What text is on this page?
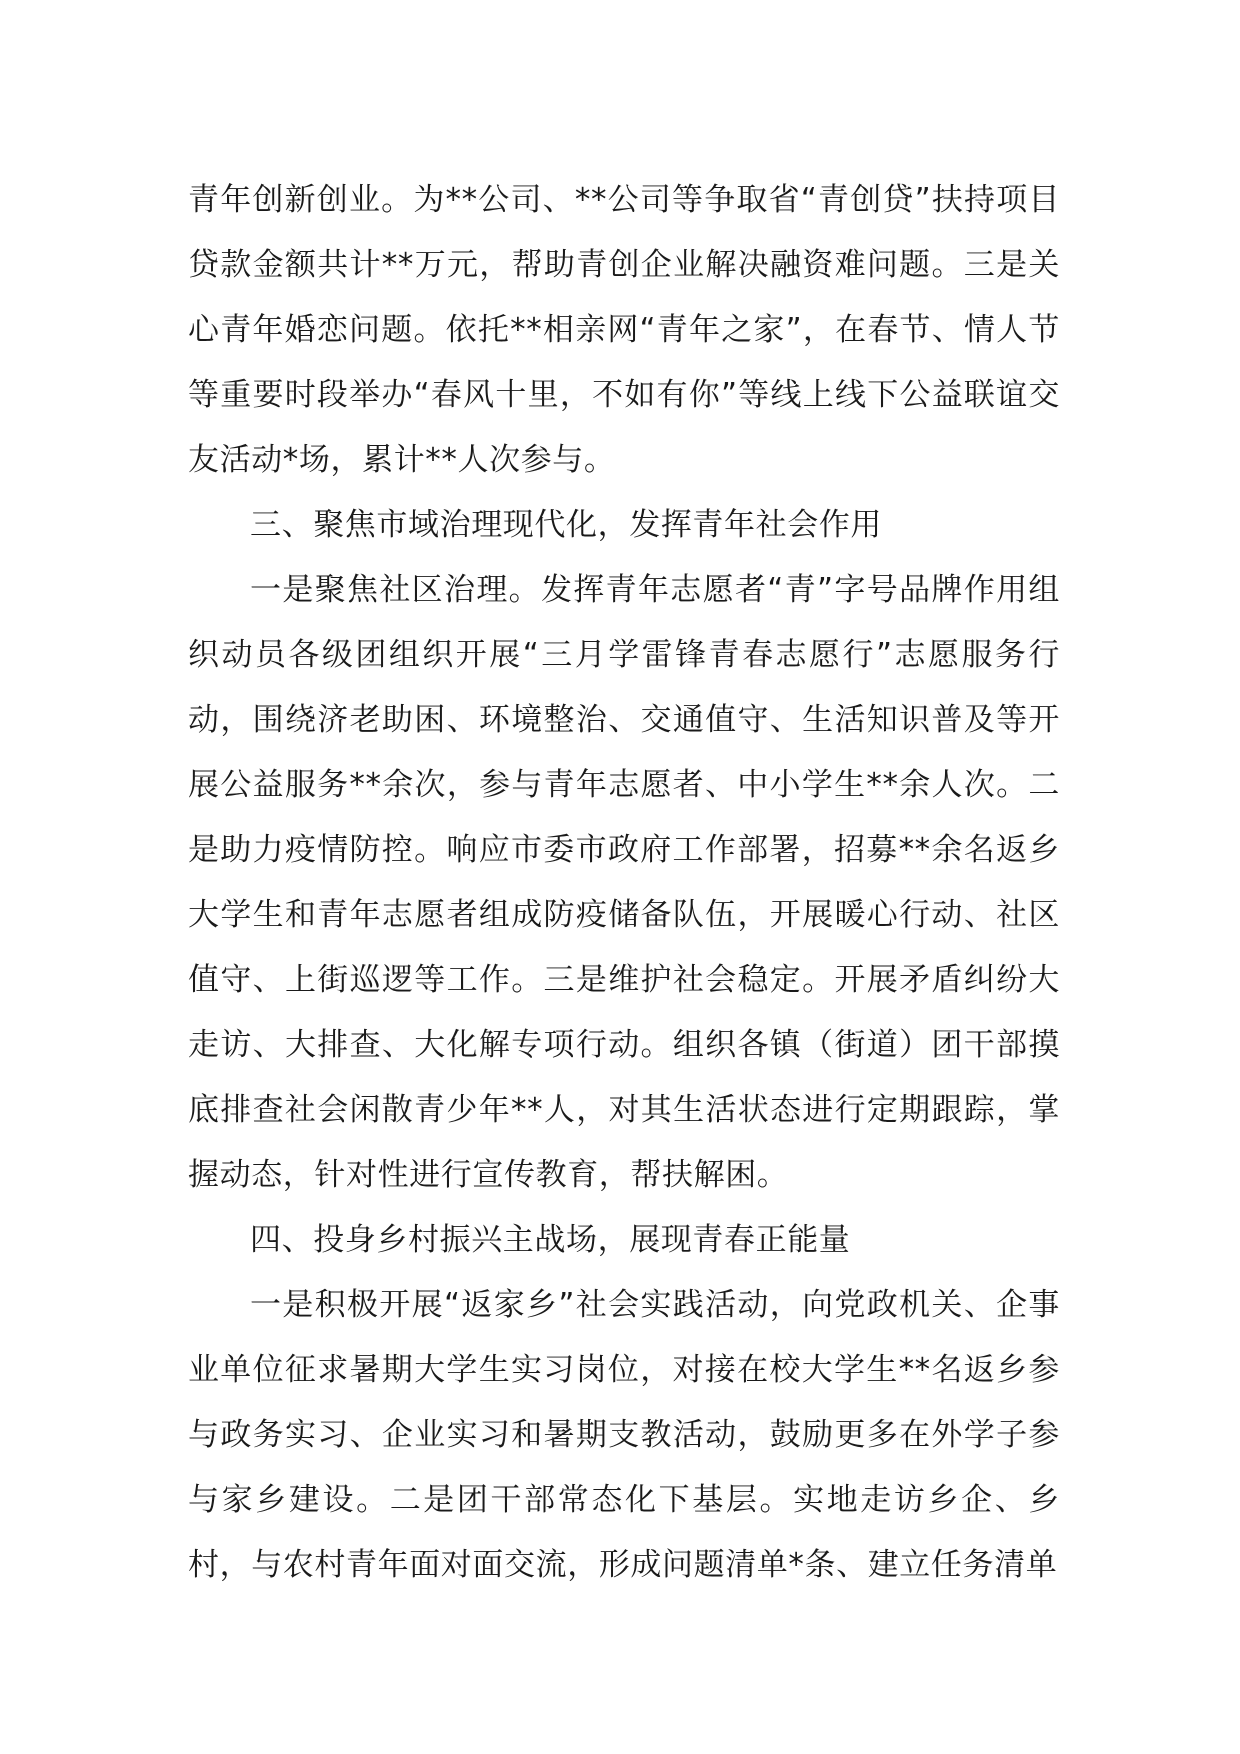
青年创新创业。为**公司、**公司等争取省“青创贷”扶持项目贷款金额共计**万元，帮助青创企业解决融资难问题。三是关心青年婚恋问题。依托**相亲网“青年之家”，在春节、情人节等重要时段举办“春风十里，不如有你”等线上线下公益联谊交友活动*场，累计**人次参与。

三、聚焦市域治理现代化，发挥青年社会作用

一是聚焦社区治理。发挥青年志愿者“青”字号品牌作用组织动员各级团组织开展“三月学雷锋青春志愿行”志愿服务行动，围绕济老助困、环境整治、交通值守、生活知识普及等开展公益服务**余次，参与青年志愿者、中小学生**余人次。二是助力疫情防控。响应市委市政府工作部署，招募**余名返乡大学生和青年志愿者组成防疫储备队伍，开展暖心行动、社区值守、上街巡逻等工作。三是维护社会稳定。开展矛盾纠纷大走访、大排查、大化解专项行动。组织各镇（街道）团干部摸底排查社会闲散青少年**人，对其生活状态进行定期跟踪，掌握动态，针对性进行宣传教育，帮扶解困。

四、投身乡村振兴主战场，展现青春正能量

一是积极开展“返家乡”社会实践活动，向党政机关、企事业单位征求暑期大学生实习岗位，对接在校大学生**名返乡参与政务实习、企业实习和暑期支教活动，鼓励更多在外学子参与家乡建设。二是团干部常态化下基层。实地走访乡企、乡村，与农村青年面对面交流，形成问题清单*条、建立任务清单
